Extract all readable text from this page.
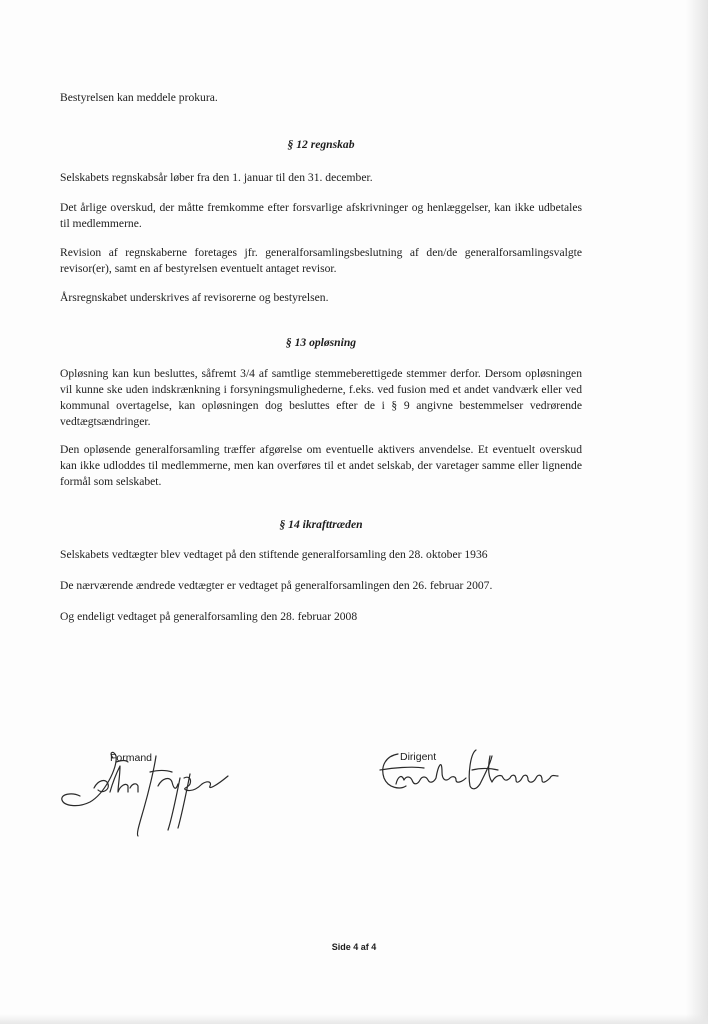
Bestyrelsen kan meddele prokura.

§ 12 regnskab

Selskabets regnskabsår løber fra den 1. januar til den 31. december.

Det årlige overskud, der måtte fremkomme efter forsvarlige afskrivninger og henlæggelser, kan ikke udbetales til medlemmerne.

Revision af regnskaberne foretages jfr. generalforsamlingsbeslutning af den/de generalforsamlingsvalgte revisor(er), samt en af bestyrelsen eventuelt antaget revisor.

Årsregnskabet underskrives af revisorerne og bestyrelsen.

§ 13 opløsning

Opløsning kan kun besluttes, såfremt 3/4 af samtlige stemmeberettigede stemmer derfor. Dersom opløsningen vil kunne ske uden indskrænkning i forsyningsmulighederne, f.eks. ved fusion med et andet vandværk eller ved kommunal overtagelse, kan opløsningen dog besluttes efter de i § 9 angivne bestemmelser vedrørende vedtægtsændringer.

Den opløsende generalforsamling træffer afgørelse om eventuelle aktivers anvendelse. Et eventuelt overskud kan ikke udloddes til medlemmerne, men kan overføres til et andet selskab, der varetager samme eller lignende formål som selskabet.

§ 14 ikrafttræden

Selskabets vedtægter blev vedtaget på den stiftende generalforsamling den 28. oktober 1936

De nærværende ændrede vedtægter er vedtaget på generalforsamlingen den 26. februar 2007.

Og endeligt vedtaget på generalforsamling den 28. februar 2008

Formand	Dirigent
Side 4 af 4
